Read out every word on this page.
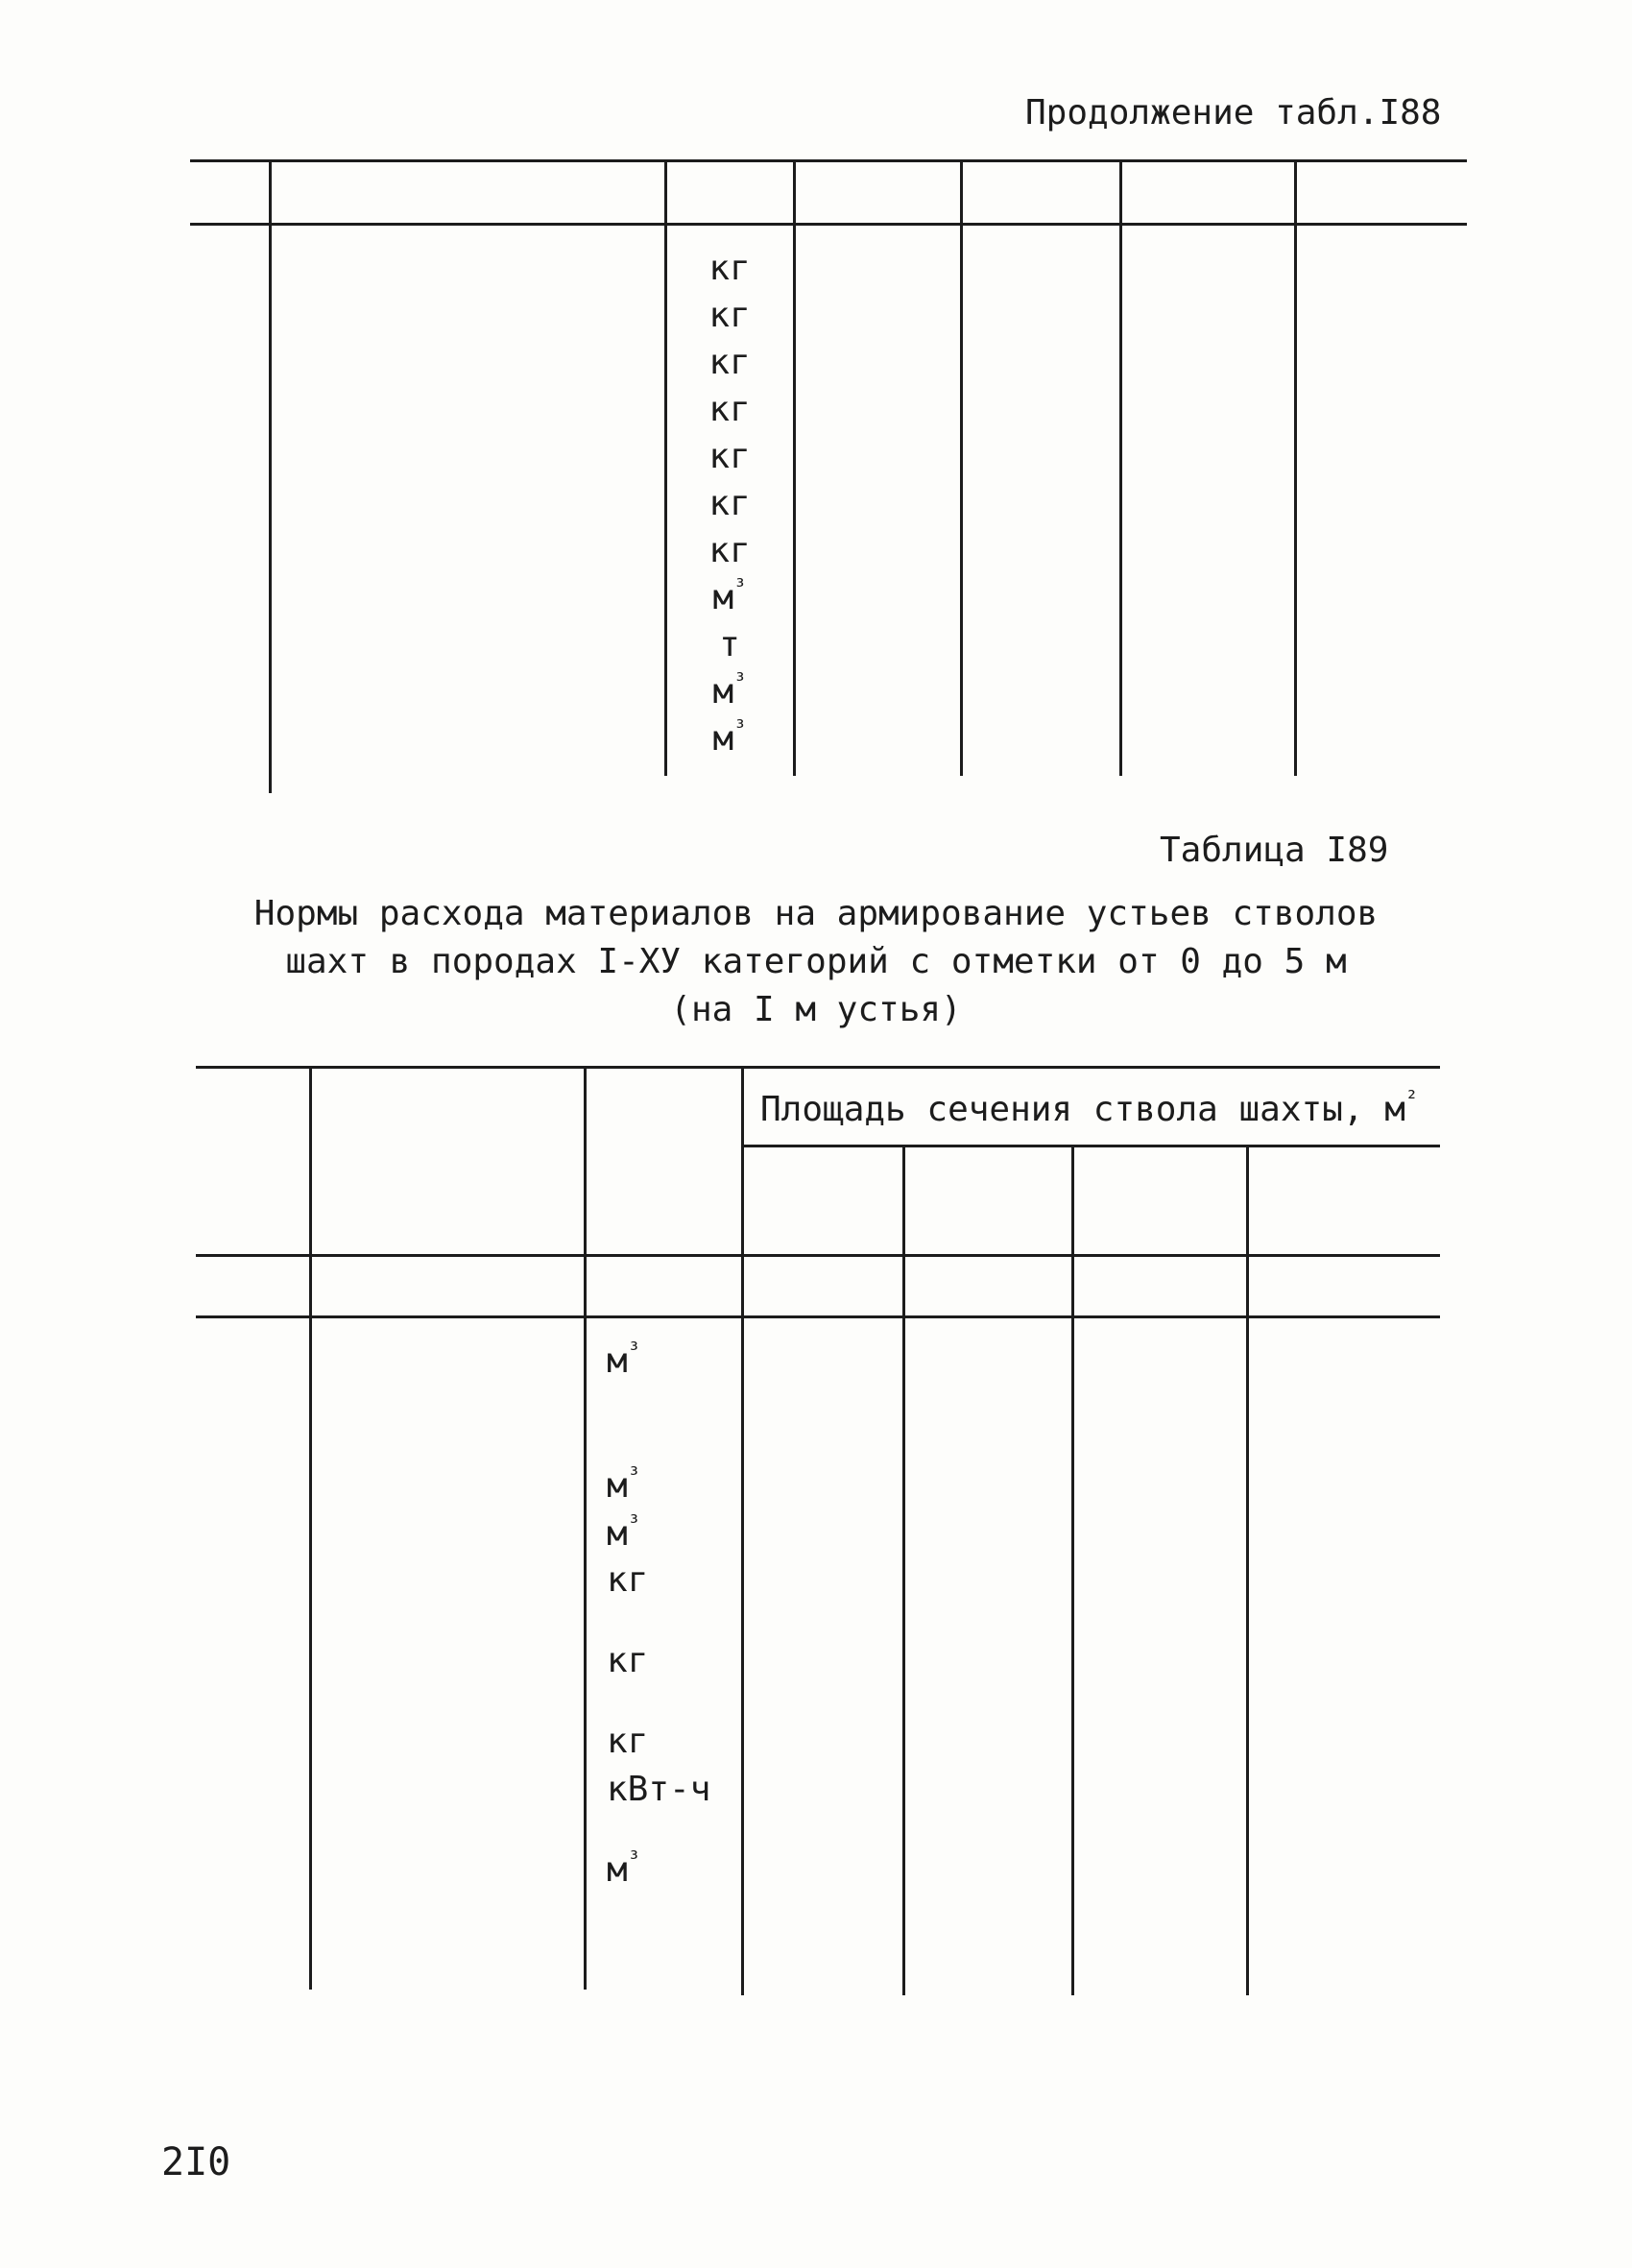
Продолжение табл.I88
кг
кг
кг
кг
кг
кг
кг
$м^{^3}$
т
$м^{^3}$
$м^{^3}$
Таблица I89
Нормы расхода материалов на армирование устьев стволов
шахт в породах I-XУ категорий с отметки от 0 до 5 м
(на I м устья)
Площадь сечения ствола шахты, $м^{^2}$
$м^{^3}$
$м^{^3}$
$м^{^3}$
кг
кг
кг
кВт-ч
$м^{^3}$
2I0
